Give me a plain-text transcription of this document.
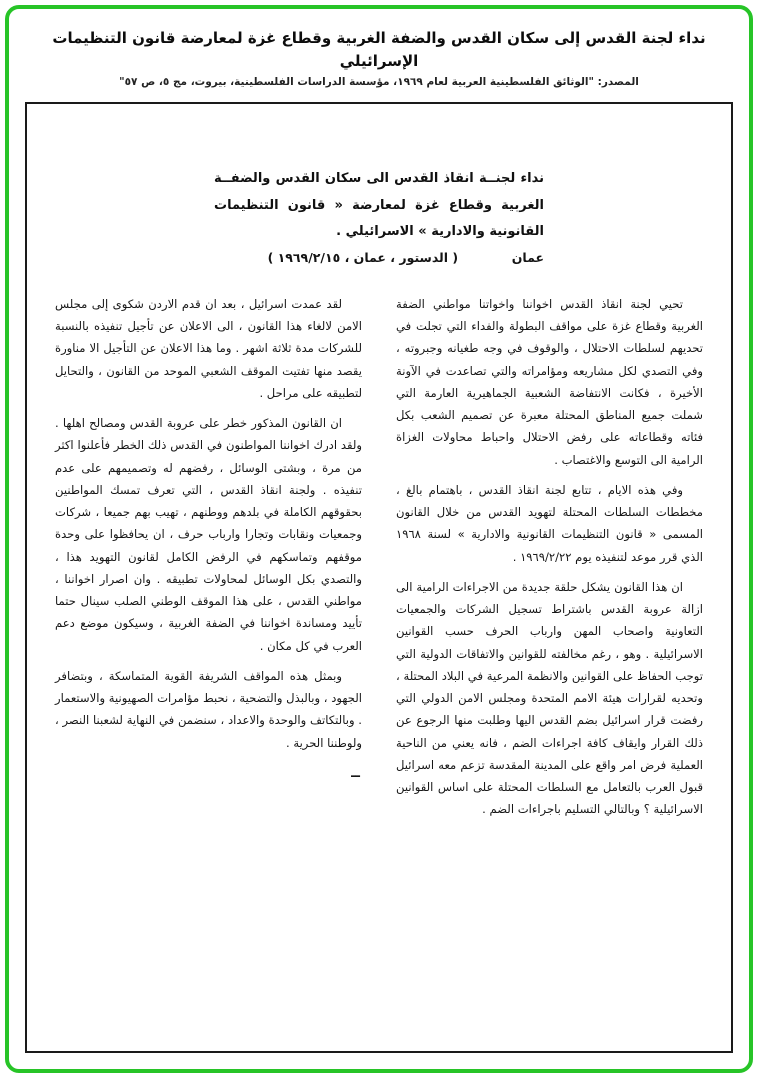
نداء لجنة القدس إلى سكان القدس والضفة الغربية وقطاع غزة لمعارضة قانون التنظيمات الإسرائيلي
المصدر: "الوثائق الفلسطينية العربية لعام ١٩٦٩، مؤسسة الدراسات الفلسطينية، بيروت، مج ٥، ص ٥٧"
نداء لجنــة انقاذ القدس الى سكان القدس والضفــة الغربية وقطاع غزة لمعارضة « قانون التنظيمات القانونية والادارية » الاسرائيلي .
عمان
( الدستور ، عمان ، ١٩٦٩/٢/١٥ )

تحيي لجنة انقاذ القدس اخواننا واخواتنا مواطني الضفة الغربية وقطاع غزة على مواقف البطولة والفداء التي تجلت في تحديهم لسلطات الاحتلال ، والوقوف في وجه طغيانه وجبروته ، وفي التصدي لكل مشاريعه ومؤامراته والتي تصاعدت في الآونة الأخيرة ، فكانت الانتفاضة الشعبية الجماهيرية العارمة التي شملت جميع المناطق المحتلة معبرة عن تصميم الشعب بكل فئاته وقطاعاته على رفض الاحتلال واحباط محاولات الغزاة الرامية الى التوسع والاغتصاب .

وفي هذه الايام ، تتابع لجنة انقاذ القدس ، باهتمام بالغ ، مخططات السلطات المحتلة لتهويد القدس من خلال القانون المسمى « قانون التنظيمات القانونية والادارية » لسنة ١٩٦٨ الذي قرر موعد لتنفيذه يوم ١٩٦٩/٢/٢٢ .

ان هذا القانون يشكل حلقة جديدة من الاجراءات الرامية الى ازالة عروبة القدس باشتراط تسجيل الشركات والجمعيات التعاونية واصحاب المهن وارباب الحرف حسب القوانين الاسرائيلية . وهو ، رغم مخالفته للقوانين والاتفاقات الدولية التي توجب الحفاظ على القوانين والانظمة المرعية في البلاد المحتلة ، وتحديه لقرارات هيئة الامم المتحدة ومجلس الامن الدولي التي رفضت قرار اسرائيل بضم القدس اليها وطلبت منها الرجوع عن ذلك القرار وايقاف كافة اجراءات الضم ، فانه يعني من الناحية العملية فرض امر واقع على المدينة المقدسة تزعم معه اسرائيل قبول العرب بالتعامل مع السلطات المحتلة على اساس القوانين الاسرائيلية ؟ وبالتالي التسليم باجراءات الضم .

لقد عمدت اسرائيل ، بعد ان قدم الاردن شكوى إلى مجلس الامن لالغاء هذا القانون ، الى الاعلان عن تأجيل تنفيذه بالنسبة للشركات مدة ثلاثة اشهر . وما هذا الاعلان عن التأجيل الا مناورة يقصد منها تفتيت الموقف الشعبي الموحد من القانون ، والتحايل لتطبيقه على مراحل .

ان القانون المذكور خطر على عروبة القدس ومصالح اهلها . ولقد ادرك اخواننا المواطنون في القدس ذلك الخطر فأعلنوا اكثر من مرة ، وبشتى الوسائل ، رفضهم له وتصميمهم على عدم تنفيذه . ولجنة انقاذ القدس ، التي تعرف تمسك المواطنين بحقوقهم الكاملة في بلدهم ووطنهم ، تهيب بهم جميعا ، شركات وجمعيات ونقابات وتجارا وارباب حرف ، ان يحافظوا على وحدة موقفهم وتماسكهم في الرفض الكامل لقانون التهويد هذا ، والتصدي بكل الوسائل لمحاولات تطبيقه . وان اصرار اخواننا ، مواطني القدس ، على هذا الموقف الوطني الصلب سينال حتما تأييد ومساندة اخواننا في الضفة الغربية ، وسيكون موضع دعم العرب في كل مكان .

وبمثل هذه المواقف الشريفة القوية المتماسكة ، وبتضافر الجهود ، وبالبذل والتضحية ، نحبط مؤامرات الصهيونية والاستعمار . وبالتكاتف والوحدة والاعداد ، سنضمن في النهاية لشعبنا النصر ، ولوطننا الحرية .

ــ
